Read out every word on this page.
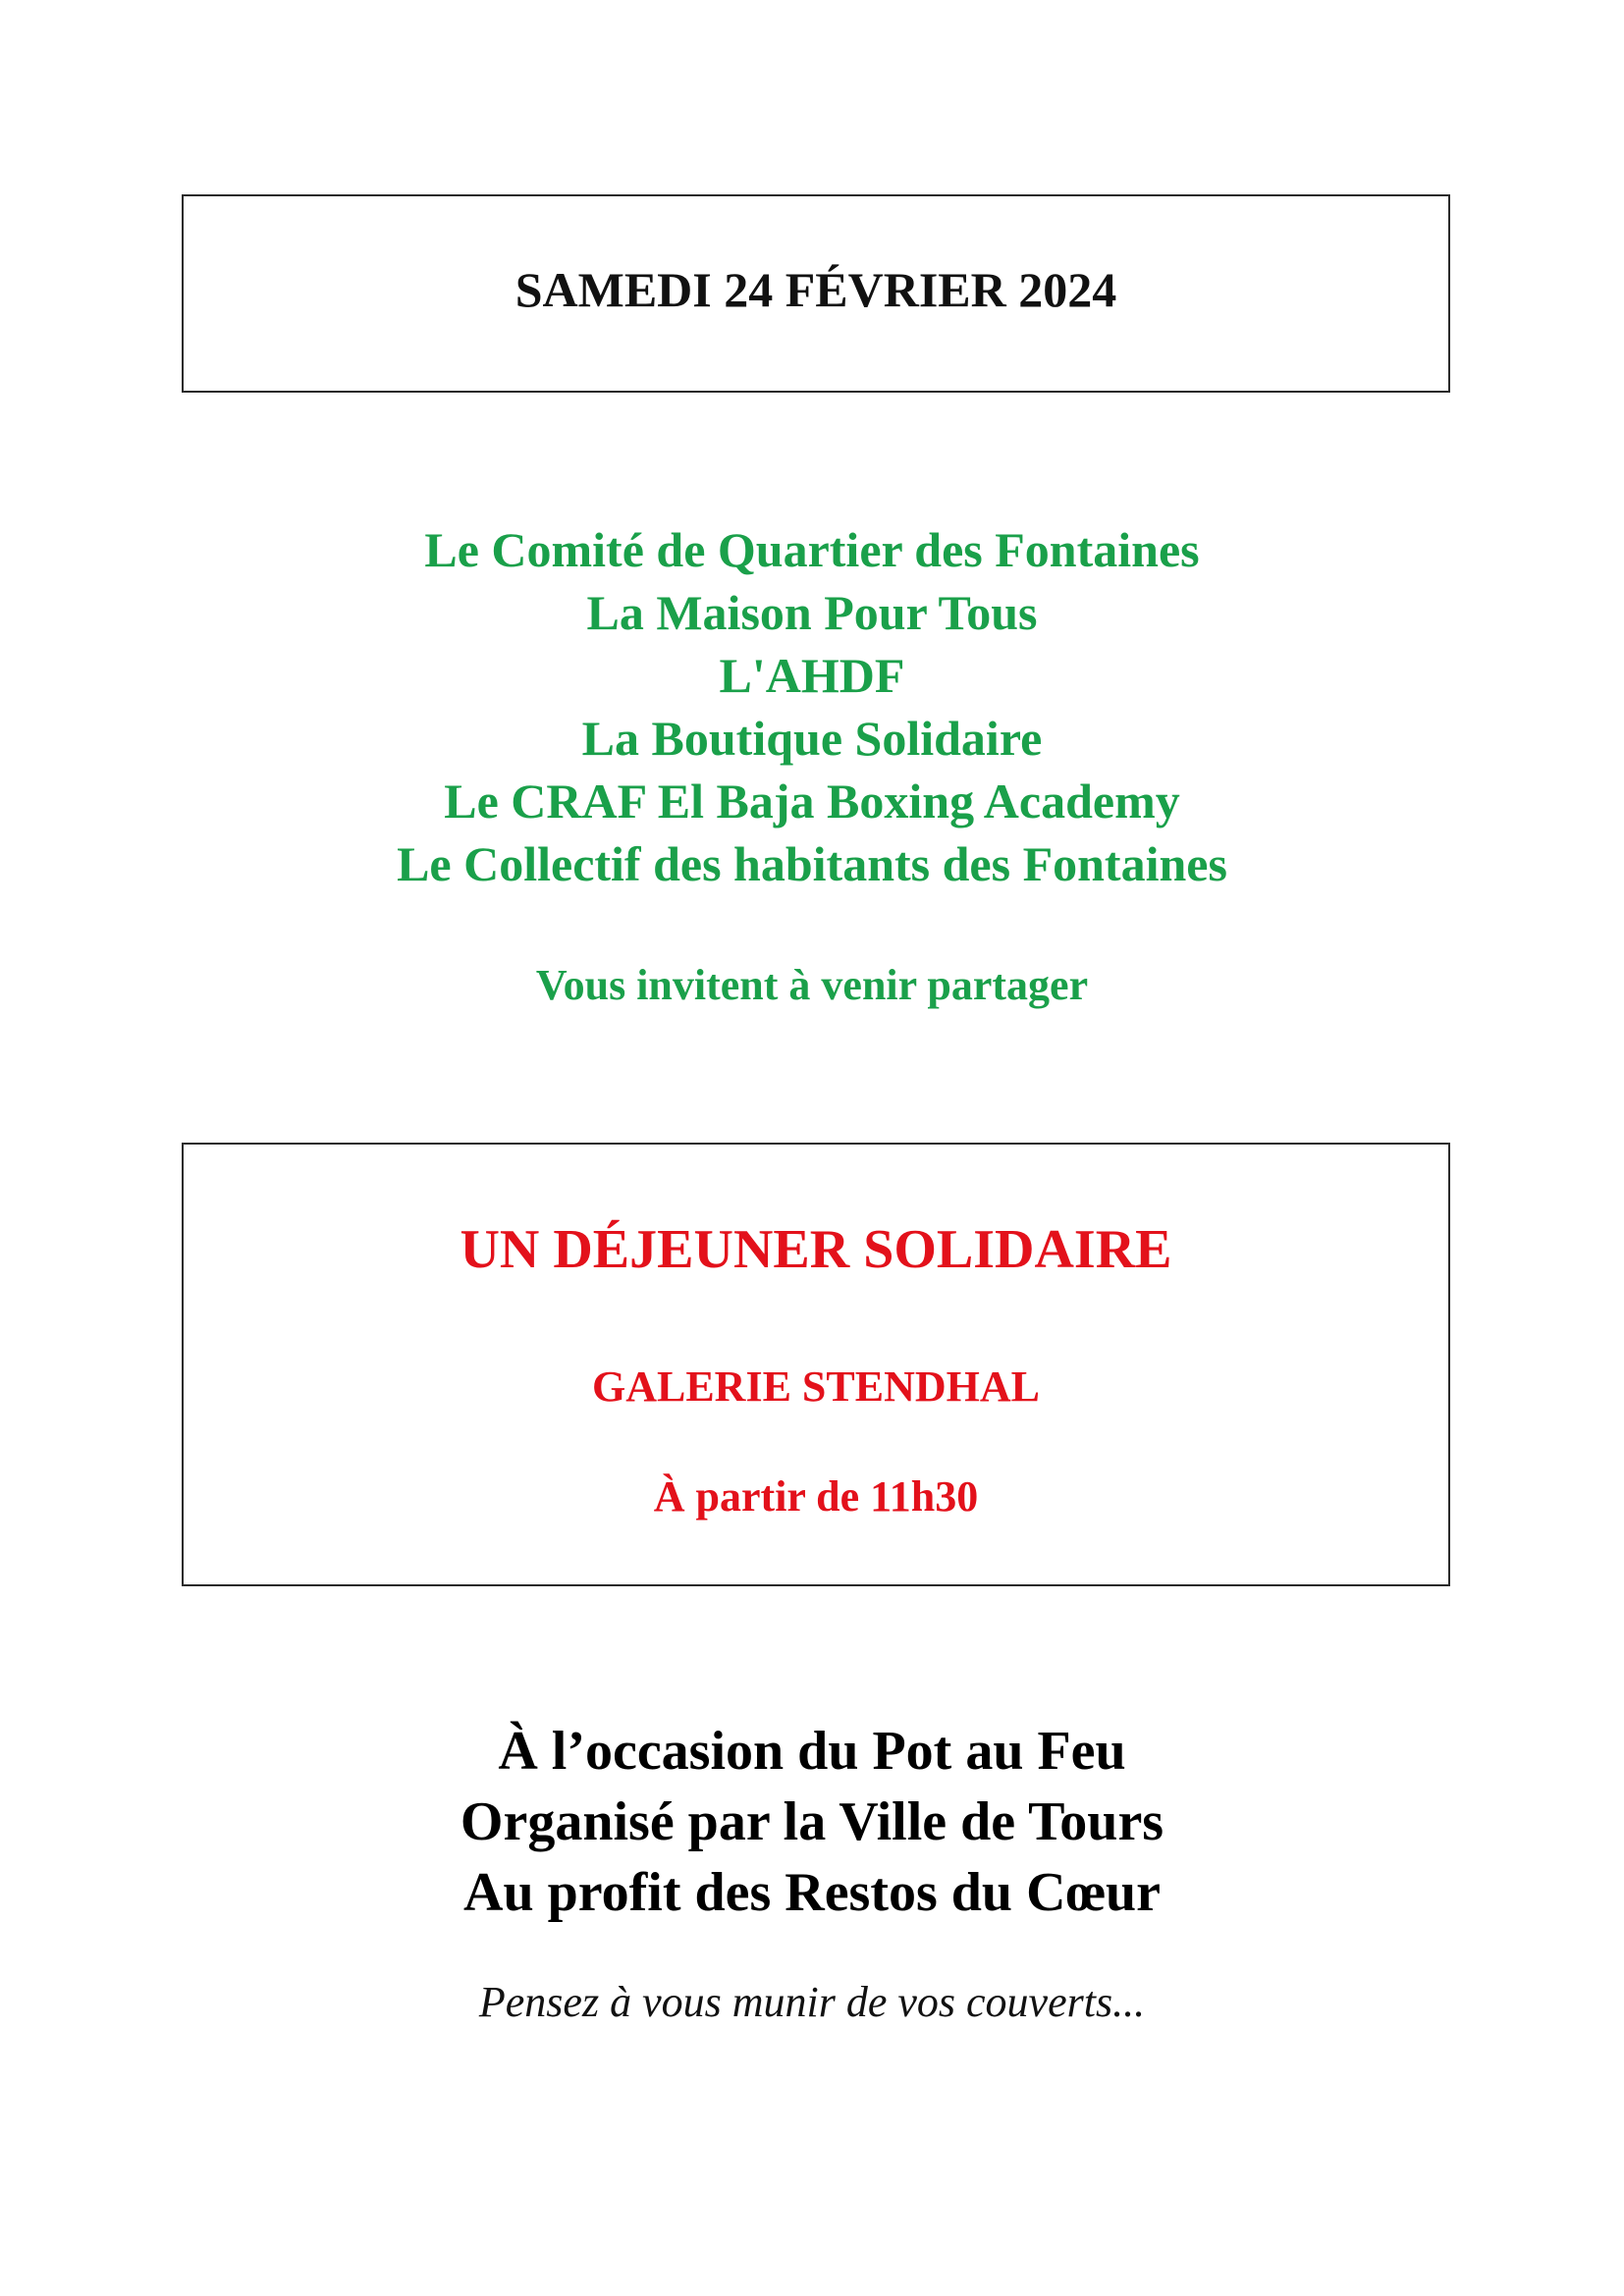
SAMEDI 24 FÉVRIER 2024
Le Comité de Quartier des Fontaines
La Maison Pour Tous
L'AHDF
La Boutique Solidaire
Le CRAF El Baja Boxing Academy
Le Collectif des habitants des Fontaines
Vous invitent à venir partager
UN DÉJEUNER SOLIDAIRE
GALERIE STENDHAL
À partir de 11h30
À l’occasion du Pot au Feu
Organisé par la Ville de Tours
Au profit des Restos du Cœur
Pensez à vous munir de vos couverts...
